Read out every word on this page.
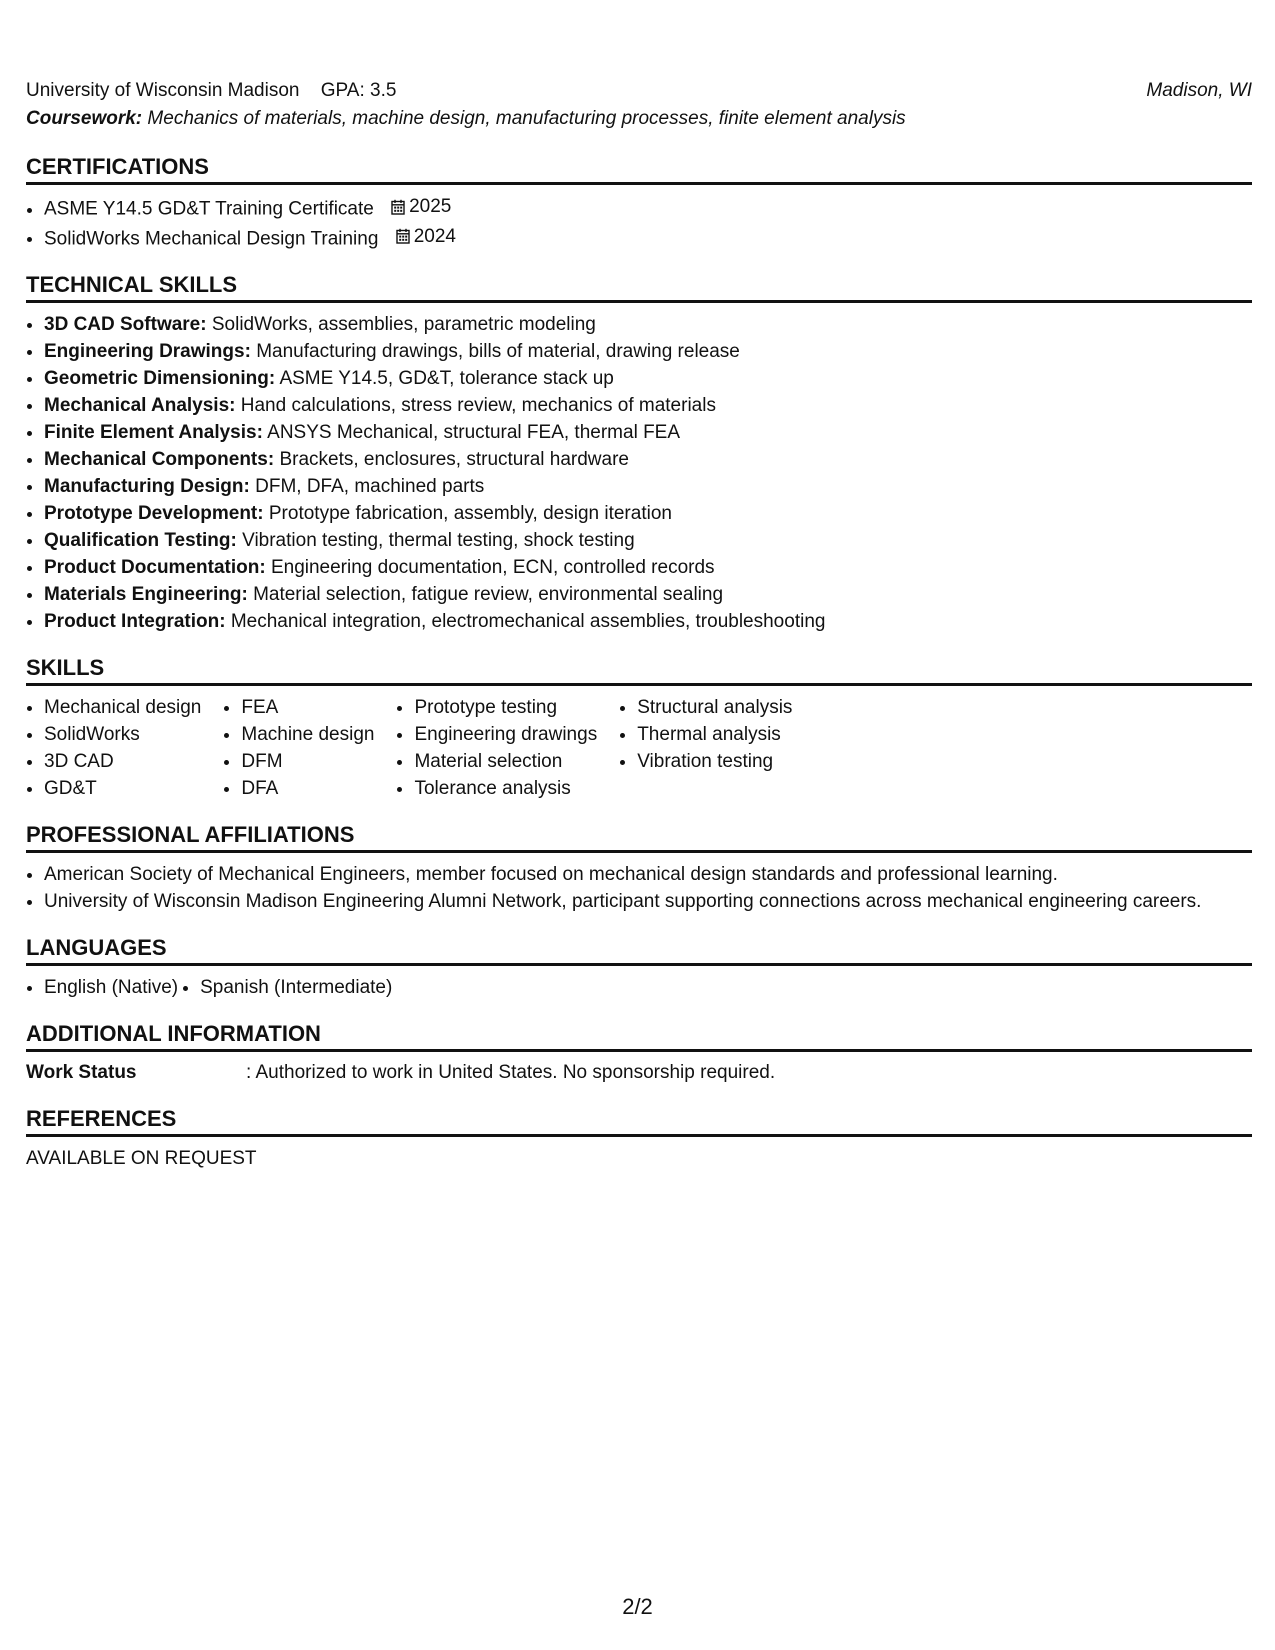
University of Wisconsin Madison GPA: 3.5	Madison, WI
Coursework: Mechanics of materials, machine design, manufacturing processes, finite element analysis
CERTIFICATIONS
• ASME Y14.5 GD&T Training Certificate 2025
• SolidWorks Mechanical Design Training 2024
TECHNICAL SKILLS
• 3D CAD Software: SolidWorks, assemblies, parametric modeling
• Engineering Drawings: Manufacturing drawings, bills of material, drawing release
• Geometric Dimensioning: ASME Y14.5, GD&T, tolerance stack up
• Mechanical Analysis: Hand calculations, stress review, mechanics of materials
• Finite Element Analysis: ANSYS Mechanical, structural FEA, thermal FEA
• Mechanical Components: Brackets, enclosures, structural hardware
• Manufacturing Design: DFM, DFA, machined parts
• Prototype Development: Prototype fabrication, assembly, design iteration
• Qualification Testing: Vibration testing, thermal testing, shock testing
• Product Documentation: Engineering documentation, ECN, controlled records
• Materials Engineering: Material selection, fatigue review, environmental sealing
• Product Integration: Mechanical integration, electromechanical assemblies, troubleshooting
SKILLS
• Mechanical design
• SolidWorks
• 3D CAD
• GD&T
• FEA
• Machine design
• DFM
• DFA
• Prototype testing
• Engineering drawings
• Material selection
• Tolerance analysis
• Structural analysis
• Thermal analysis
• Vibration testing
PROFESSIONAL AFFILIATIONS
• American Society of Mechanical Engineers, member focused on mechanical design standards and professional learning.
• University of Wisconsin Madison Engineering Alumni Network, participant supporting connections across mechanical engineering careers.
LANGUAGES
• English (Native)
• Spanish (Intermediate)
ADDITIONAL INFORMATION
Work Status	: Authorized to work in United States. No sponsorship required.
REFERENCES
AVAILABLE ON REQUEST
2/2
